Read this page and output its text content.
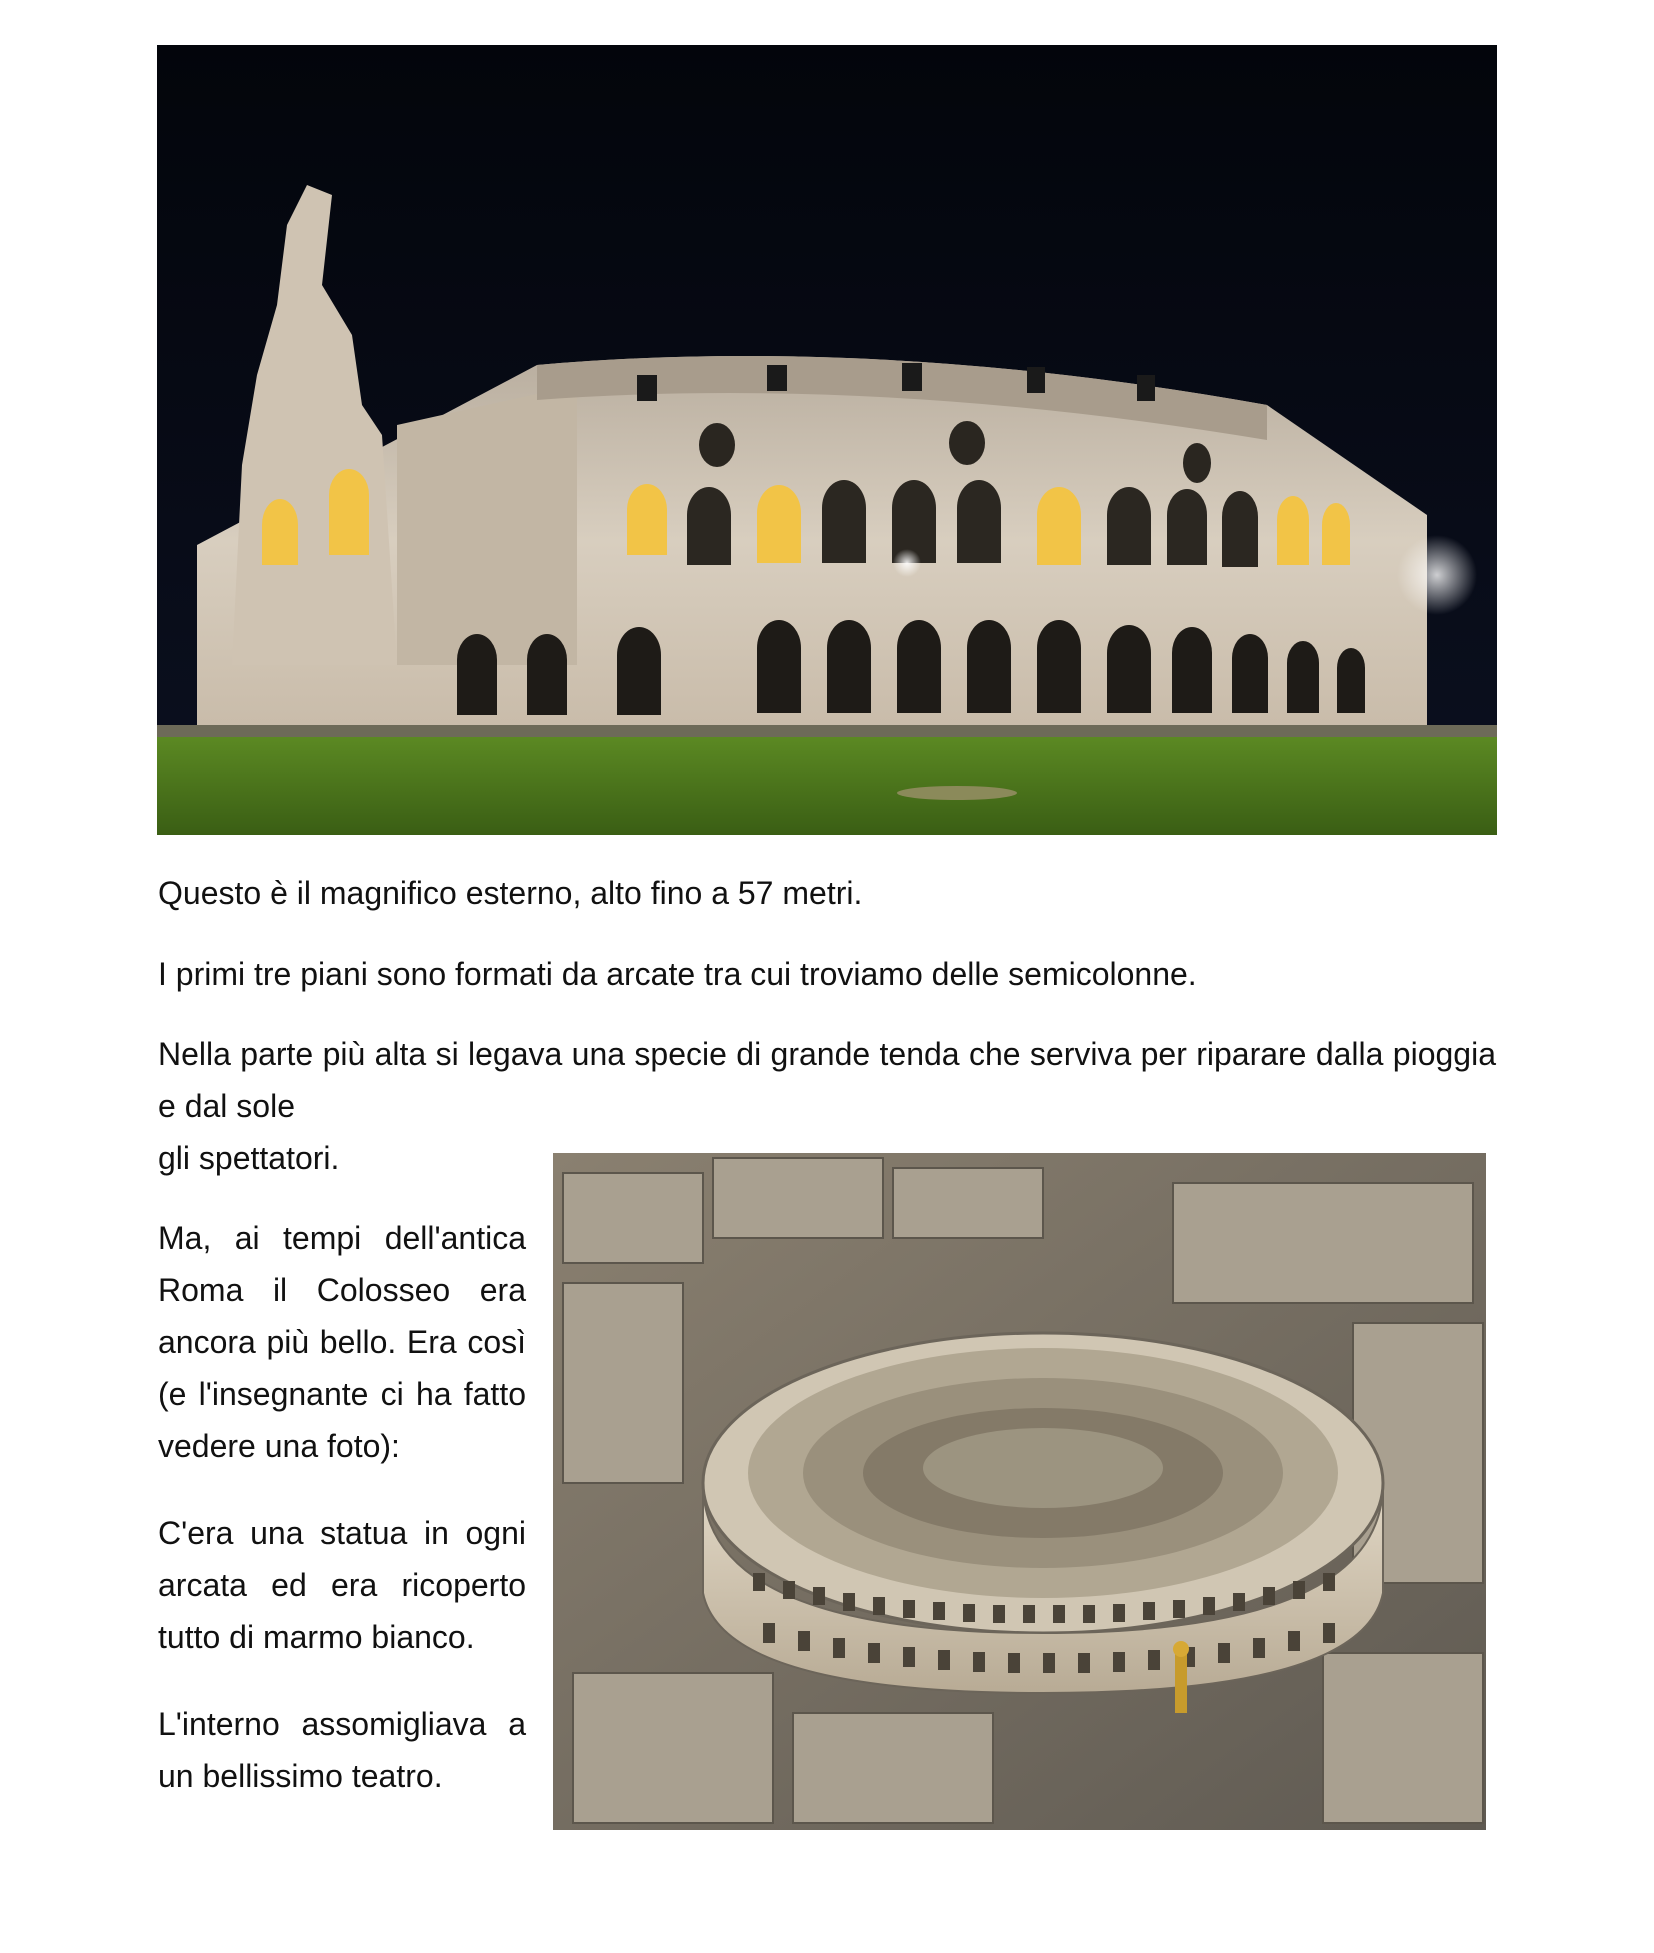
Questo è il magnifico esterno, alto fino a 57 metri.

I primi tre piani sono formati da arcate tra cui troviamo delle semicolonne.

Nella parte più alta si legava una specie di grande tenda che serviva per riparare dalla pioggia e dal sole
gli spettatori.

Ma, ai tempi dell'antica Roma il Colosseo era ancora più bello. Era così (e l'insegnante ci ha fatto vedere una foto):

C'era una statua in ogni arcata ed era ricoperto tutto di marmo bianco.

L'interno assomigliava a un bellissimo teatro.
